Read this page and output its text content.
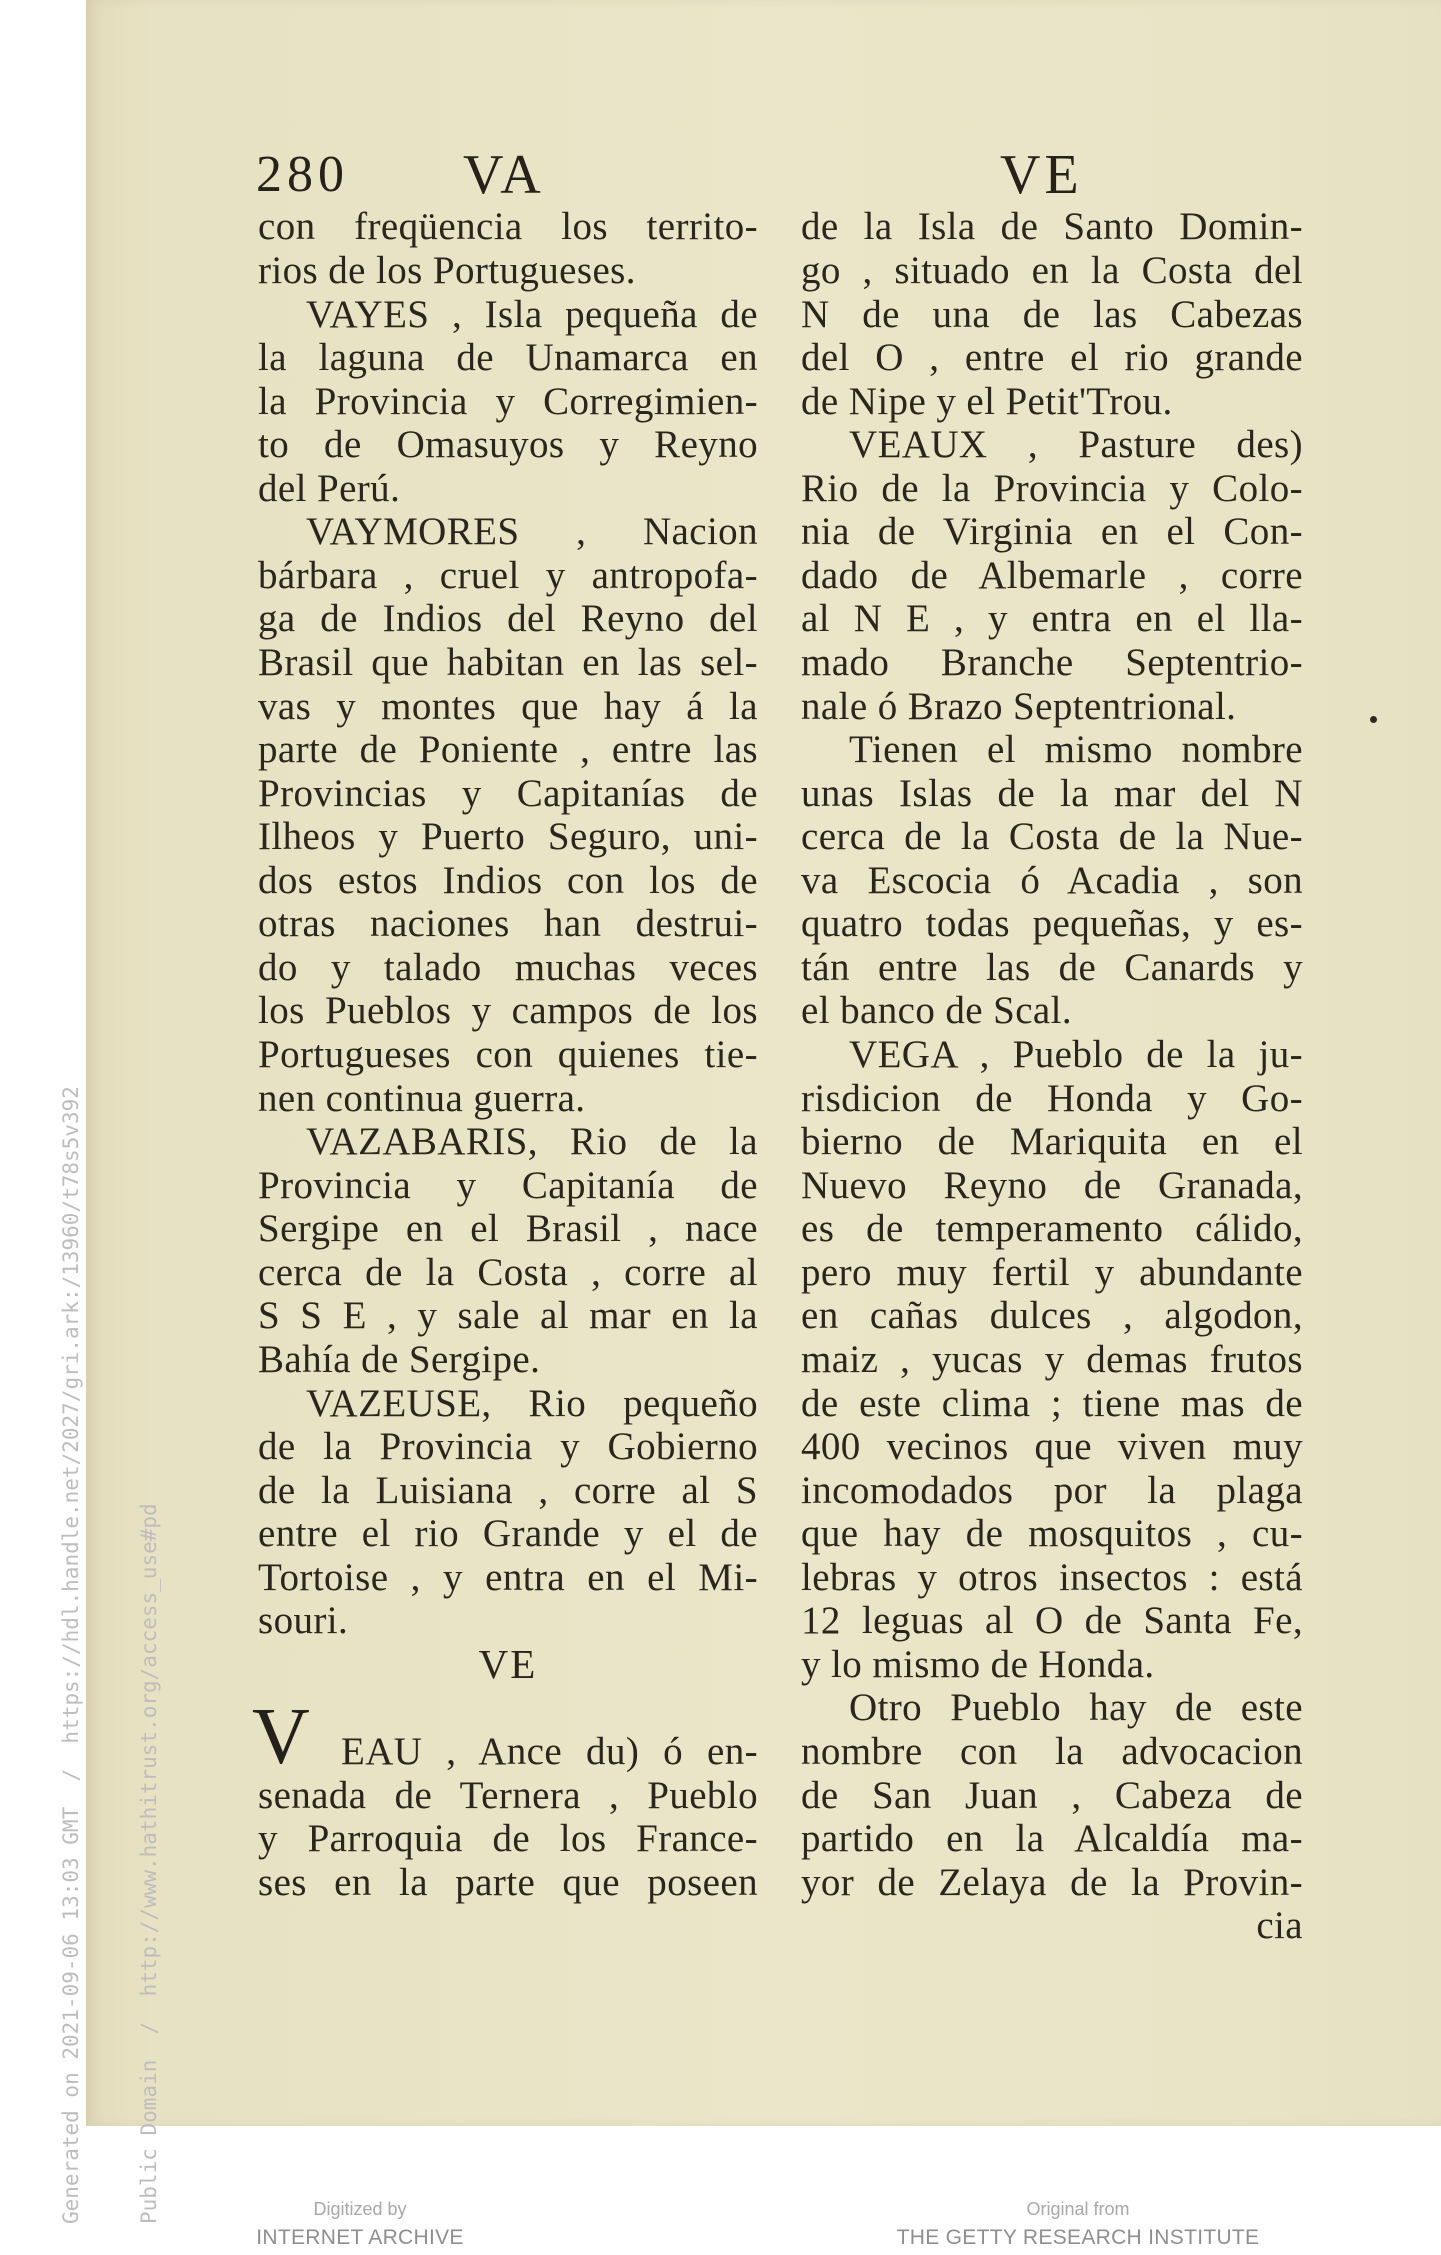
280 VA	VE
con freqüencia los territo-
rios de los Portugueses.
VAYES , Isla pequeña de
la laguna de Unamarca en
la Provincia y Corregimien-
to de Omasuyos y Reyno
del Perú.
VAYMORES , Nacion
bárbara , cruel y antropofa-
ga de Indios del Reyno del
Brasil que habitan en las sel-
vas y montes que hay á la
parte de Poniente , entre las
Provincias y Capitanías de
Ilheos y Puerto Seguro, uni-
dos estos Indios con los de
otras naciones han destrui-
do y talado muchas veces
los Pueblos y campos de los
Portugueses con quienes tie-
nen continua guerra.
VAZABARIS, Rio de la
Provincia y Capitanía de
Sergipe en el Brasil , nace
cerca de la Costa , corre al
S S E , y sale al mar en la
Bahía de Sergipe.
VAZEUSE, Rio pequeño
de la Provincia y Gobierno
de la Luisiana , corre al S
entre el rio Grande y el de
Tortoise , y entra en el Mi-
souri.
VE
V EAU , Ance du) ó en-
senada de Ternera , Pueblo
y Parroquia de los France-
ses en la parte que poseen
de la Isla de Santo Domin-
go , situado en la Costa del
N de una de las Cabezas
del O , entre el rio grande
de Nipe y el Petit'Trou.
VEAUX , Pasture des)
Rio de la Provincia y Colo-
nia de Virginia en el Con-
dado de Albemarle , corre
al N E , y entra en el lla-
mado Branche Septentrio-
nale ó Brazo Septentrional.
Tienen el mismo nombre
unas Islas de la mar del N
cerca de la Costa de la Nue-
va Escocia ó Acadia , son
quatro todas pequeñas, y es-
tán entre las de Canards y
el banco de Scal.
VEGA , Pueblo de la ju-
risdicion de Honda y Go-
bierno de Mariquita en el
Nuevo Reyno de Granada,
es de temperamento cálido,
pero muy fertil y abundante
en cañas dulces , algodon,
maiz , yucas y demas frutos
de este clima ; tiene mas de
400 vecinos que viven muy
incomodados por la plaga
que hay de mosquitos , cu-
lebras y otros insectos : está
12 leguas al O de Santa Fe,
y lo mismo de Honda.
Otro Pueblo hay de este
nombre con la advocacion
de San Juan , Cabeza de
partido en la Alcaldía ma-
yor de Zelaya de la Provin-
cia
Digitized by
INTERNET ARCHIVE
Original from
THE GETTY RESEARCH INSTITUTE

Generated on 2021-09-06 13:03 GMT  /  https://hdl.handle.net/2027/gri.ark:/13960/t78s5v392

	Public Domain  /  http://www.hathitrust.org/access_use#pd
